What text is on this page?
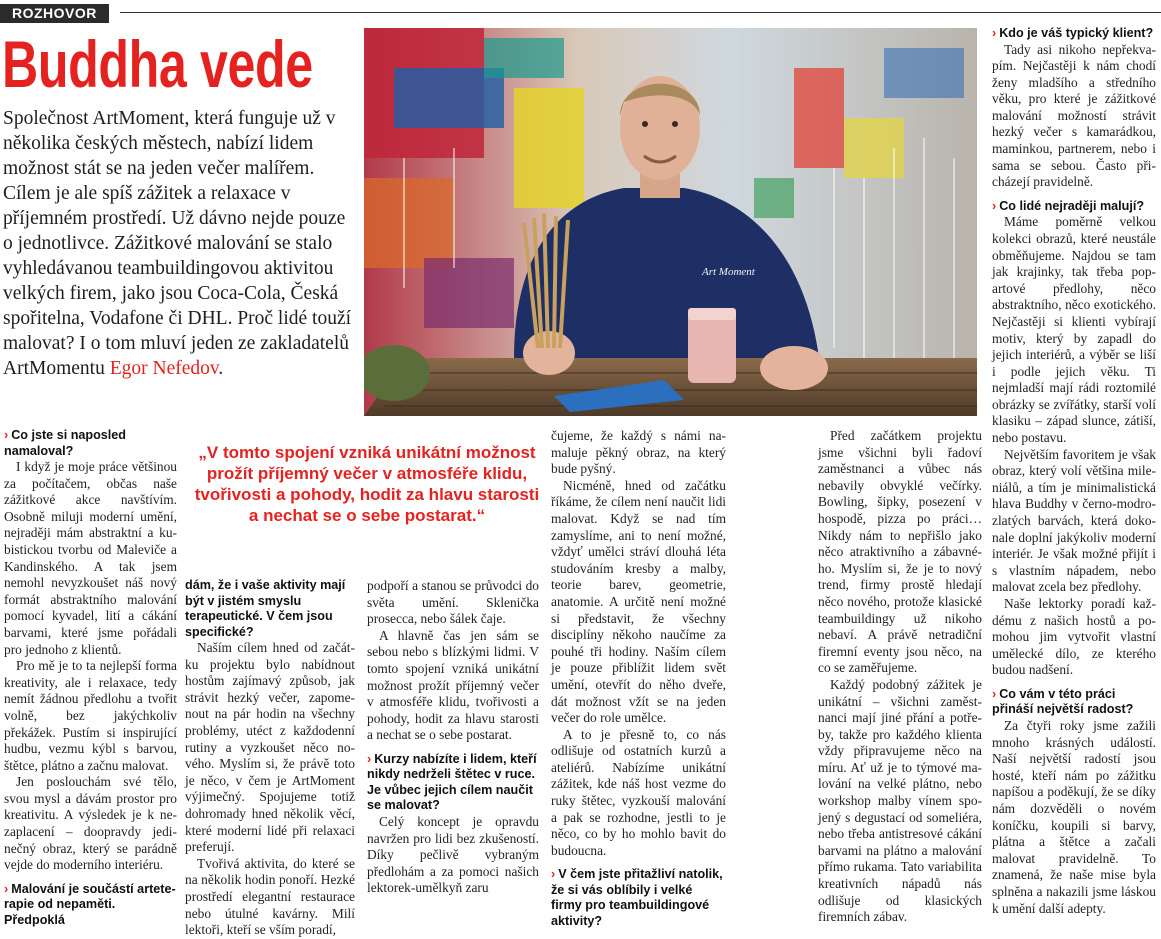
ROZHOVOR
Buddha vede

Společnost ArtMoment, která funguje už v několika českých městech, nabízí lidem možnost stát se na jeden večer malířem. Cílem je ale spíš zážitek a relaxace v příjemném prostředí. Už dávno nejde pouze o jednotlivce. Zážitkové malování se stalo vyhledávanou teambuildingovou aktivitou velkých firem, jako jsou Coca-Cola, Česká spořitelna, Vodafone či DHL. Proč lidé touží malovat? I o tom mluví jeden ze zakladatelů ArtMomentu Egor Nefedov.

Art Moment

„V tomto spojení vzniká unikátní možnost prožít příjemný večer v atmosféře klidu, tvořivosti a pohody, hodit za hlavu starosti a nechat se o sebe postarat.“

› Co jste si naposled namaloval?

I když je moje práce většinou za počítačem, občas naše zážitkové akce navštívím. Osobně miluji moderní umění, nejraději mám abstraktní a kubistickou tvorbu od Maleviče a Kandinského. A tak jsem nemohl nevyzkoušet náš nový formát abstraktního malování pomocí kyvadel, lití a cákání barvami, které jsme pořádali pro jednoho z klientů.

Pro mě je to ta nejlepší forma kreativity, ale i relaxace, tedy nemít žádnou předlohu a tvořit volně, bez jakýchkoliv překážek. Pustím si inspirující hudbu, vezmu kýbl s barvou, štětce, plátno a začnu malovat.

Jen poslouchám své tělo, svou mysl a dávám prostor pro kreativitu. A výsledek je k nezaplacení – doopravdy jedinečný obraz, který se parádně vejde do moderního interiéru.

› Malování je součástí arteterapie od nepaměti. Předpoklá
dám, že i vaše aktivity mají být v jistém smyslu terapeutické. V čem jsou specifické?

Naším cílem hned od začátku projektu bylo nabídnout hostům zajímavý způsob, jak strávit hezký večer, zapomenout na pár hodin na všechny problémy, utéct z každodenní rutiny a vyzkoušet něco nového. Myslím si, že právě toto je něco, v čem je ArtMoment výjimečný. Spojujeme totiž dohromady hned několik věcí, které moderní lidé při relaxaci preferují.

Tvořivá aktivita, do které se na několik hodin ponoří. Hezké prostředí elegantní restaurace nebo útulné kavárny. Milí lektoři, kteří se vším poradí,

podpoří a stanou se průvodci do světa umění. Sklenička prosecca, nebo šálek čaje.

A hlavně čas jen sám se sebou nebo s blízkými lidmi. V tomto spojení vzniká unikátní možnost prožít příjemný večer v atmosféře klidu, tvořivosti a pohody, hodit za hlavu starosti a nechat se o sebe postarat.

› Kurzy nabízíte i lidem, kteří nikdy nedrželi štětec v ruce. Je vůbec jejich cílem naučit se malovat?

Celý koncept je opravdu navržen pro lidi bez zkušeností. Díky pečlivě vybraným předlohám a za pomoci našich lektorek-umělkyň zaru

čujeme, že každý s námi namaluje pěkný obraz, na který bude pyšný.

Nicméně, hned od začátku říkáme, že cílem není naučit lidi malovat. Když se nad tím zamyslíme, ani to není možné, vždyť umělci stráví dlouhá léta studováním kresby a malby, teorie barev, geometrie, anatomie. A určitě není možné si představit, že všechny disciplíny někoho naučíme za pouhé tři hodiny. Naším cílem je pouze přiblížit lidem svět umění, otevřít do něho dveře, dát možnost vžít se na jeden večer do role umělce.

A to je přesně to, co nás odlišuje od ostatních kurzů a ateliérů. Nabízíme unikátní zážitek, kde náš host vezme do ruky štětec, vyzkouší malování a pak se rozhodne, jestli to je něco, co by ho mohlo bavit do budoucna.

› V čem jste přitažliví natolik, že si vás oblíbily i velké firmy pro teambuildingové aktivity?

Před začátkem projektu jsme všichni byli řadoví zaměstnanci a vůbec nás nebavily obvyklé večírky. Bowling, šipky, posezení v hospodě, pizza po práci… Nikdy nám to nepřišlo jako něco atraktivního a zábavného. Myslím si, že je to nový trend, firmy prostě hledají něco nového, protože klasické teambuildingy už nikoho nebaví. A právě netradiční firemní eventy jsou něco, na co se zaměřujeme.

Každý podobný zážitek je unikátní – všichni zaměstnanci mají jiné přání a potřeby, takže pro každého klienta vždy připravujeme něco na míru. Ať už je to týmové malování na velké plátno, nebo workshop malby vínem spojený s degustací od someliéra, nebo třeba antistresové cákání barvami na plátno a malování přímo rukama. Tato variabilita kreativních nápadů nás odlišuje od klasických firemních zábav.

› Kdo je váš typický klient?

Tady asi nikoho nepřekvapím. Nejčastěji k nám chodí ženy mladšího a středního věku, pro které je zážitkové malování možností strávit hezký večer s kamarádkou, maminkou, partnerem, nebo i sama se sebou. Často přicházejí pravidelně.

› Co lidé nejraději malují?

Máme poměrně velkou kolekci obrazů, které neustále obměňujeme. Najdou se tam jak krajinky, tak třeba pop-artové předlohy, něco abstraktního, něco exotického. Nejčastěji si klienti vybírají motiv, který by zapadl do jejich interiérů, a výběr se liší i podle jejich věku. Ti nejmladší mají rádi roztomilé obrázky se zvířátky, starší volí klasiku – západ slunce, zátiší, nebo postavu.

Největším favoritem je však obraz, který volí většina mileniálů, a tím je minimalistická hlava Buddhy v černo-modro-zlatých barvách, která dokonale doplní jakýkoliv moderní interiér. Je však možné přijít i s vlastním nápadem, nebo malovat zcela bez předlohy.

Naše lektorky poradí každému z našich hostů a pomohou jim vytvořit vlastní umělecké dílo, ze kterého budou nadšení.

› Co vám v této práci přináší největší radost?

Za čtyři roky jsme zažili mnoho krásných událostí. Naší největší radostí jsou hosté, kteří nám po zážitku napíšou a poděkují, že se díky nám dozvěděli o novém koníčku, koupili si barvy, plátna a štětce a začali malovat pravidelně. To znamená, že naše mise byla splněna a nakazili jsme láskou k umění další adepty.
